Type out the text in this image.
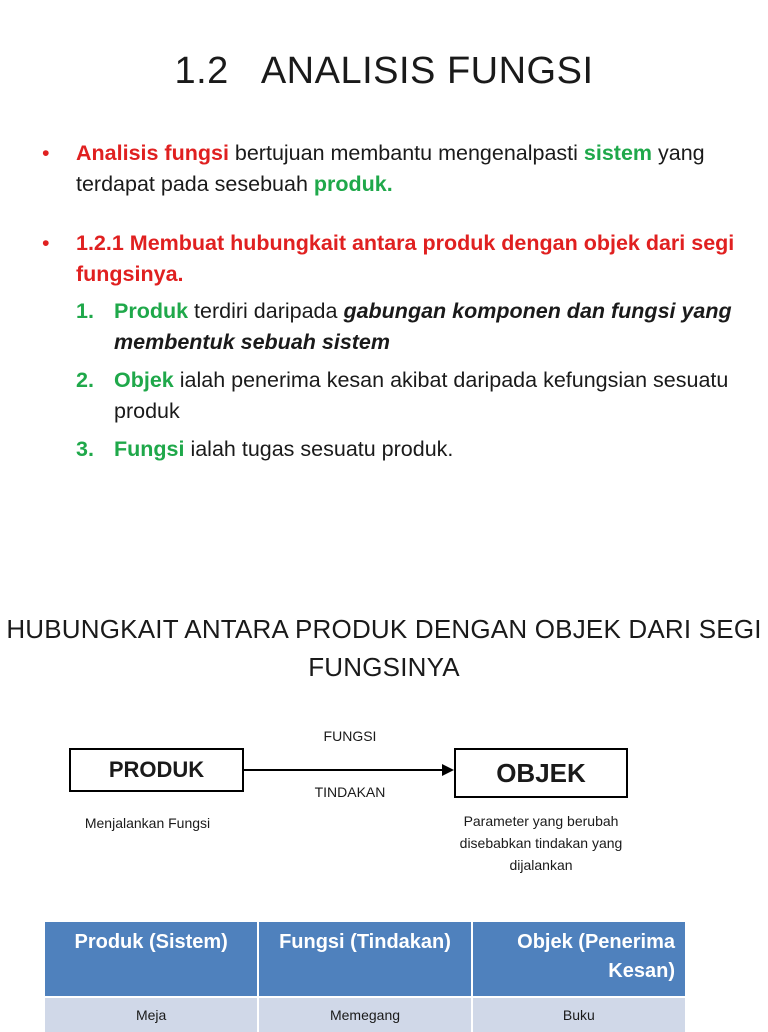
1.2 ANALISIS FUNGSI
• Analisis fungsi bertujuan membantu mengenalpasti sistem yang terdapat pada sesebuah produk.
• 1.2.1 Membuat hubungkait antara produk dengan objek dari segi fungsinya.
1. Produk terdiri daripada gabungan komponen dan fungsi yang membentuk sebuah sistem
2. Objek ialah penerima kesan akibat daripada kefungsian sesuatu produk
3. Fungsi ialah tugas sesuatu produk.
HUBUNGKAIT ANTARA PRODUK DENGAN OBJEK DARI SEGI FUNGSINYA
FUNGSI
PRODUK	OBJEK
TINDAKAN
Menjalankan Fungsi	Parameter yang berubah disebabkan tindakan yang dijalankan
Produk (Sistem)	Fungsi (Tindakan)	Objek (Penerima Kesan)
Meja	Memegang	Buku
